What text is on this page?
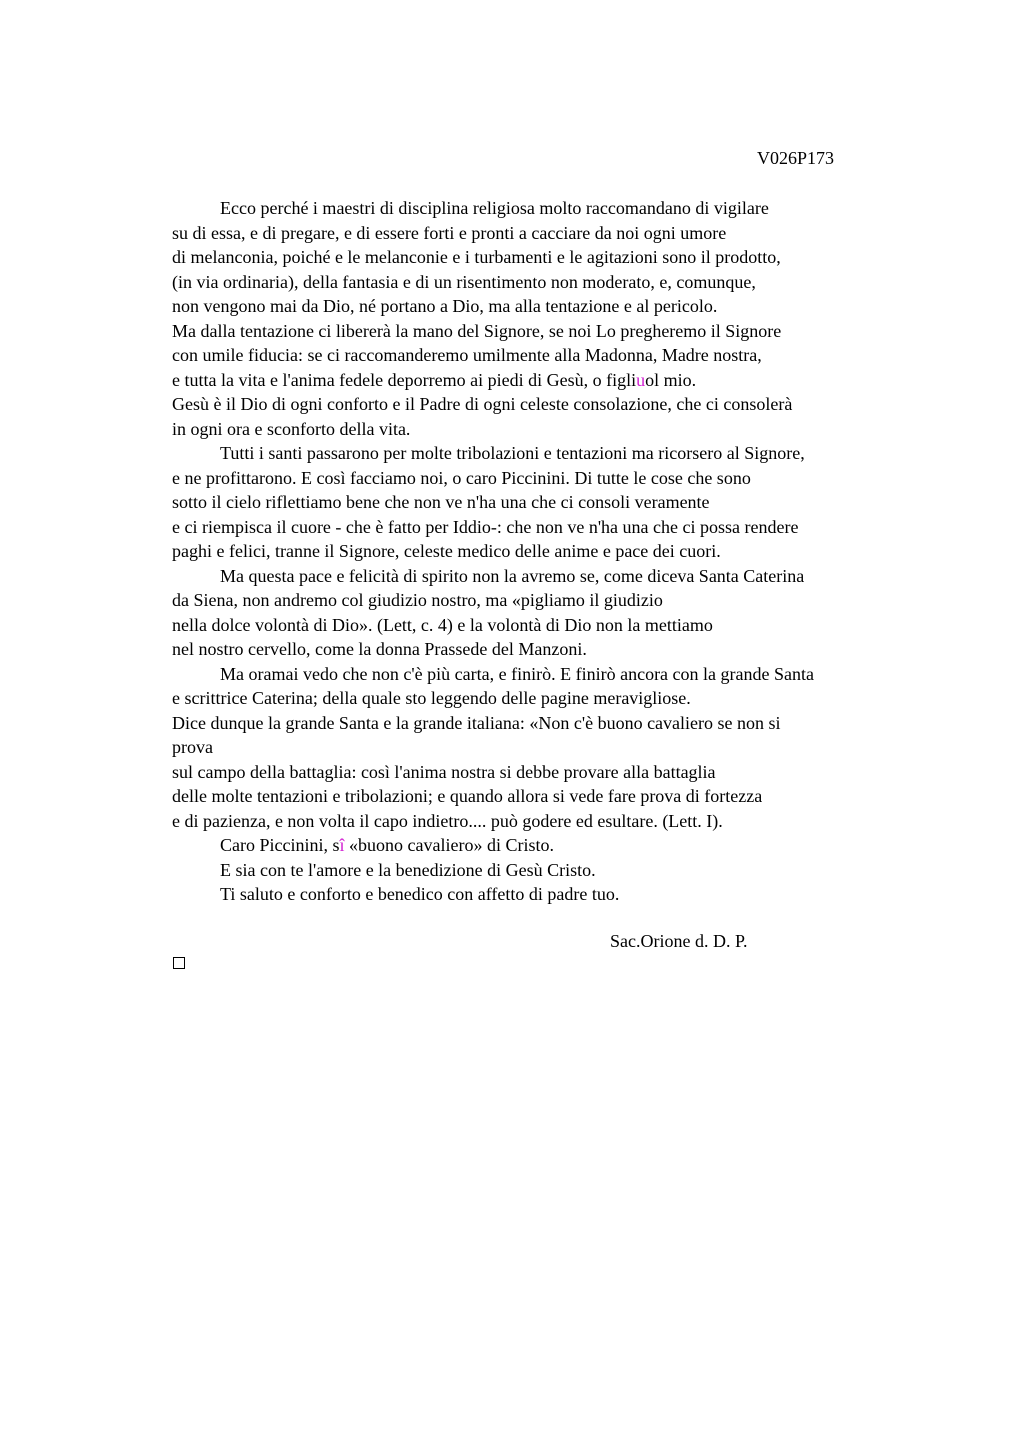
V026P173
Ecco perché i maestri di disciplina religiosa molto raccomandano di vigilare
su di essa, e di pregare, e di essere forti e pronti a cacciare da noi ogni umore
di melanconia, poiché e le melanconie e i turbamenti e le agitazioni sono il prodotto,
(in via ordinaria), della fantasia e di un risentimento non moderato, e, comunque,
non vengono mai da Dio, né portano a Dio, ma alla tentazione e al pericolo.
Ma dalla tentazione ci libererà la mano del Signore, se noi Lo pregheremo il Signore
con umile fiducia: se ci raccomanderemo umilmente alla Madonna, Madre nostra,
e tutta la vita e l'anima fedele deporremo ai piedi di Gesù, o figliuol mio.
Gesù è il Dio di ogni conforto e il Padre di ogni celeste consolazione, che ci consolerà
in ogni ora e sconforto della vita.
Tutti i santi passarono per molte tribolazioni e tentazioni ma ricorsero al Signore,
e ne profittarono. E così facciamo noi, o caro Piccinini. Di tutte le cose che sono
sotto il cielo riflettiamo bene che non ve n'ha una che ci consoli veramente
e ci riempisca il cuore - che è fatto per Iddio-: che non ve n'ha una che ci possa rendere
paghi e felici, tranne il Signore, celeste medico delle anime e pace dei cuori.
Ma questa pace e felicità di spirito non la avremo se, come diceva Santa Caterina
da Siena, non andremo col giudizio nostro, ma «pigliamo il giudizio
nella dolce volontà di Dio». (Lett, c. 4) e la volontà di Dio non la mettiamo
nel nostro cervello, come la donna Prassede del Manzoni.
Ma oramai vedo che non c'è più carta, e finirò. E finirò ancora con la grande Santa
e scrittrice Caterina; della quale sto leggendo delle pagine meravigliose.
Dice dunque la grande Santa e la grande italiana: «Non c'è buono cavaliero se non si
prova
sul campo della battaglia: così l'anima nostra si debbe provare alla battaglia
delle molte tentazioni e tribolazioni; e quando allora si vede fare prova di fortezza
e di pazienza, e non volta il capo indietro.... può godere ed esultare. (Lett. I).
Caro Piccinini, sî «buono cavaliero» di Cristo.
E sia con te l'amore e la benedizione di Gesù Cristo.
Ti saluto e conforto e benedico con affetto di padre tuo.
Sac.Orione d. D. P.
